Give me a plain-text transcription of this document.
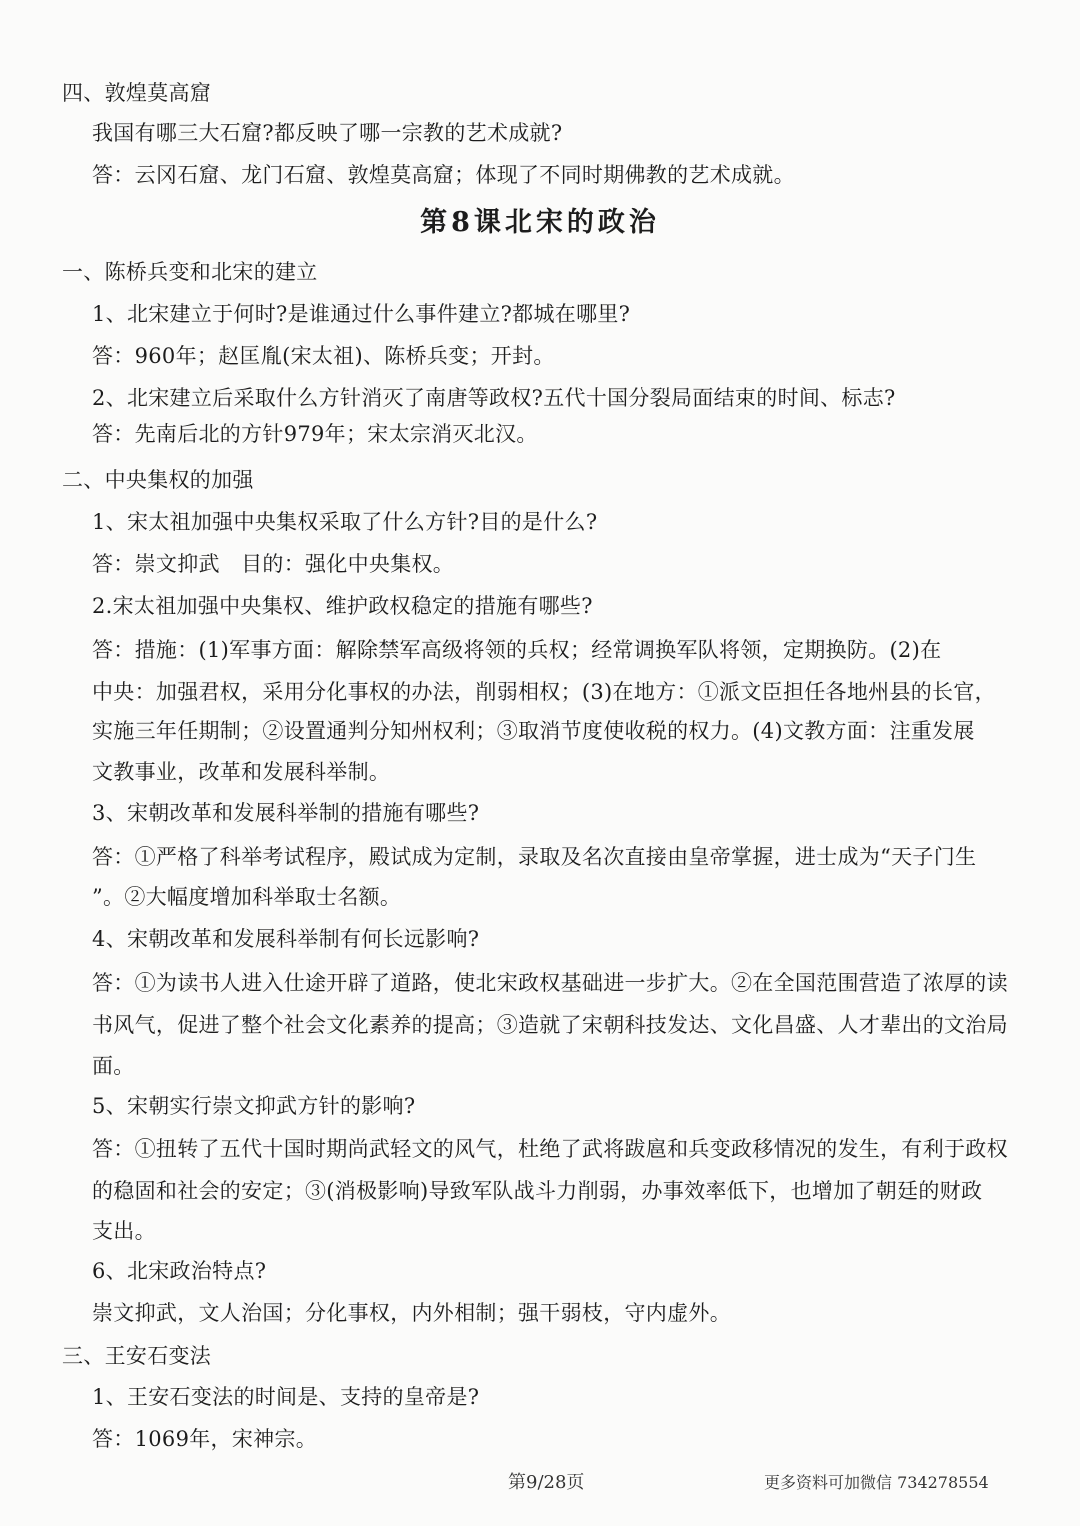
四、敦煌莫高窟
我国有哪三大石窟?都反映了哪一宗教的艺术成就?
答：云冈石窟、龙门石窟、敦煌莫高窟；体现了不同时期佛教的艺术成就。
第8课北宋的政治
一、陈桥兵变和北宋的建立
1、北宋建立于何时?是谁通过什么事件建立?都城在哪里?
答：960年；赵匡胤(宋太祖)、陈桥兵变；开封。
2、北宋建立后采取什么方针消灭了南唐等政权?五代十国分裂局面结束的时间、标志?
答：先南后北的方针979年；宋太宗消灭北汉。
二、中央集权的加强
1、宋太祖加强中央集权采取了什么方针?目的是什么?
答：崇文抑武　目的：强化中央集权。
2.宋太祖加强中央集权、维护政权稳定的措施有哪些?
答：措施：(1)军事方面：解除禁军高级将领的兵权；经常调换军队将领，定期换防。(2)在
中央：加强君权，采用分化事权的办法，削弱相权；(3)在地方：①派文臣担任各地州县的长官，
实施三年任期制；②设置通判分知州权利；③取消节度使收税的权力。(4)文教方面：注重发展
文教事业，改革和发展科举制。
3、宋朝改革和发展科举制的措施有哪些?
答：①严格了科举考试程序，殿试成为定制，录取及名次直接由皇帝掌握，进士成为“天子门生
”。②大幅度增加科举取士名额。
4、宋朝改革和发展科举制有何长远影响?
答：①为读书人进入仕途开辟了道路，使北宋政权基础进一步扩大。②在全国范围营造了浓厚的读
书风气，促进了整个社会文化素养的提高；③造就了宋朝科技发达、文化昌盛、人才辈出的文治局
面。
5、宋朝实行崇文抑武方针的影响?
答：①扭转了五代十国时期尚武轻文的风气，杜绝了武将跋扈和兵变政移情况的发生，有利于政权
的稳固和社会的安定；③(消极影响)导致军队战斗力削弱，办事效率低下，也增加了朝廷的财政
支出。
6、北宋政治特点?
崇文抑武，文人治国；分化事权，内外相制；强干弱枝，守内虚外。
三、王安石变法
1、王安石变法的时间是、支持的皇帝是?
答：1069年，宋神宗。
第9/28页	更多资料可加微信 734278554
